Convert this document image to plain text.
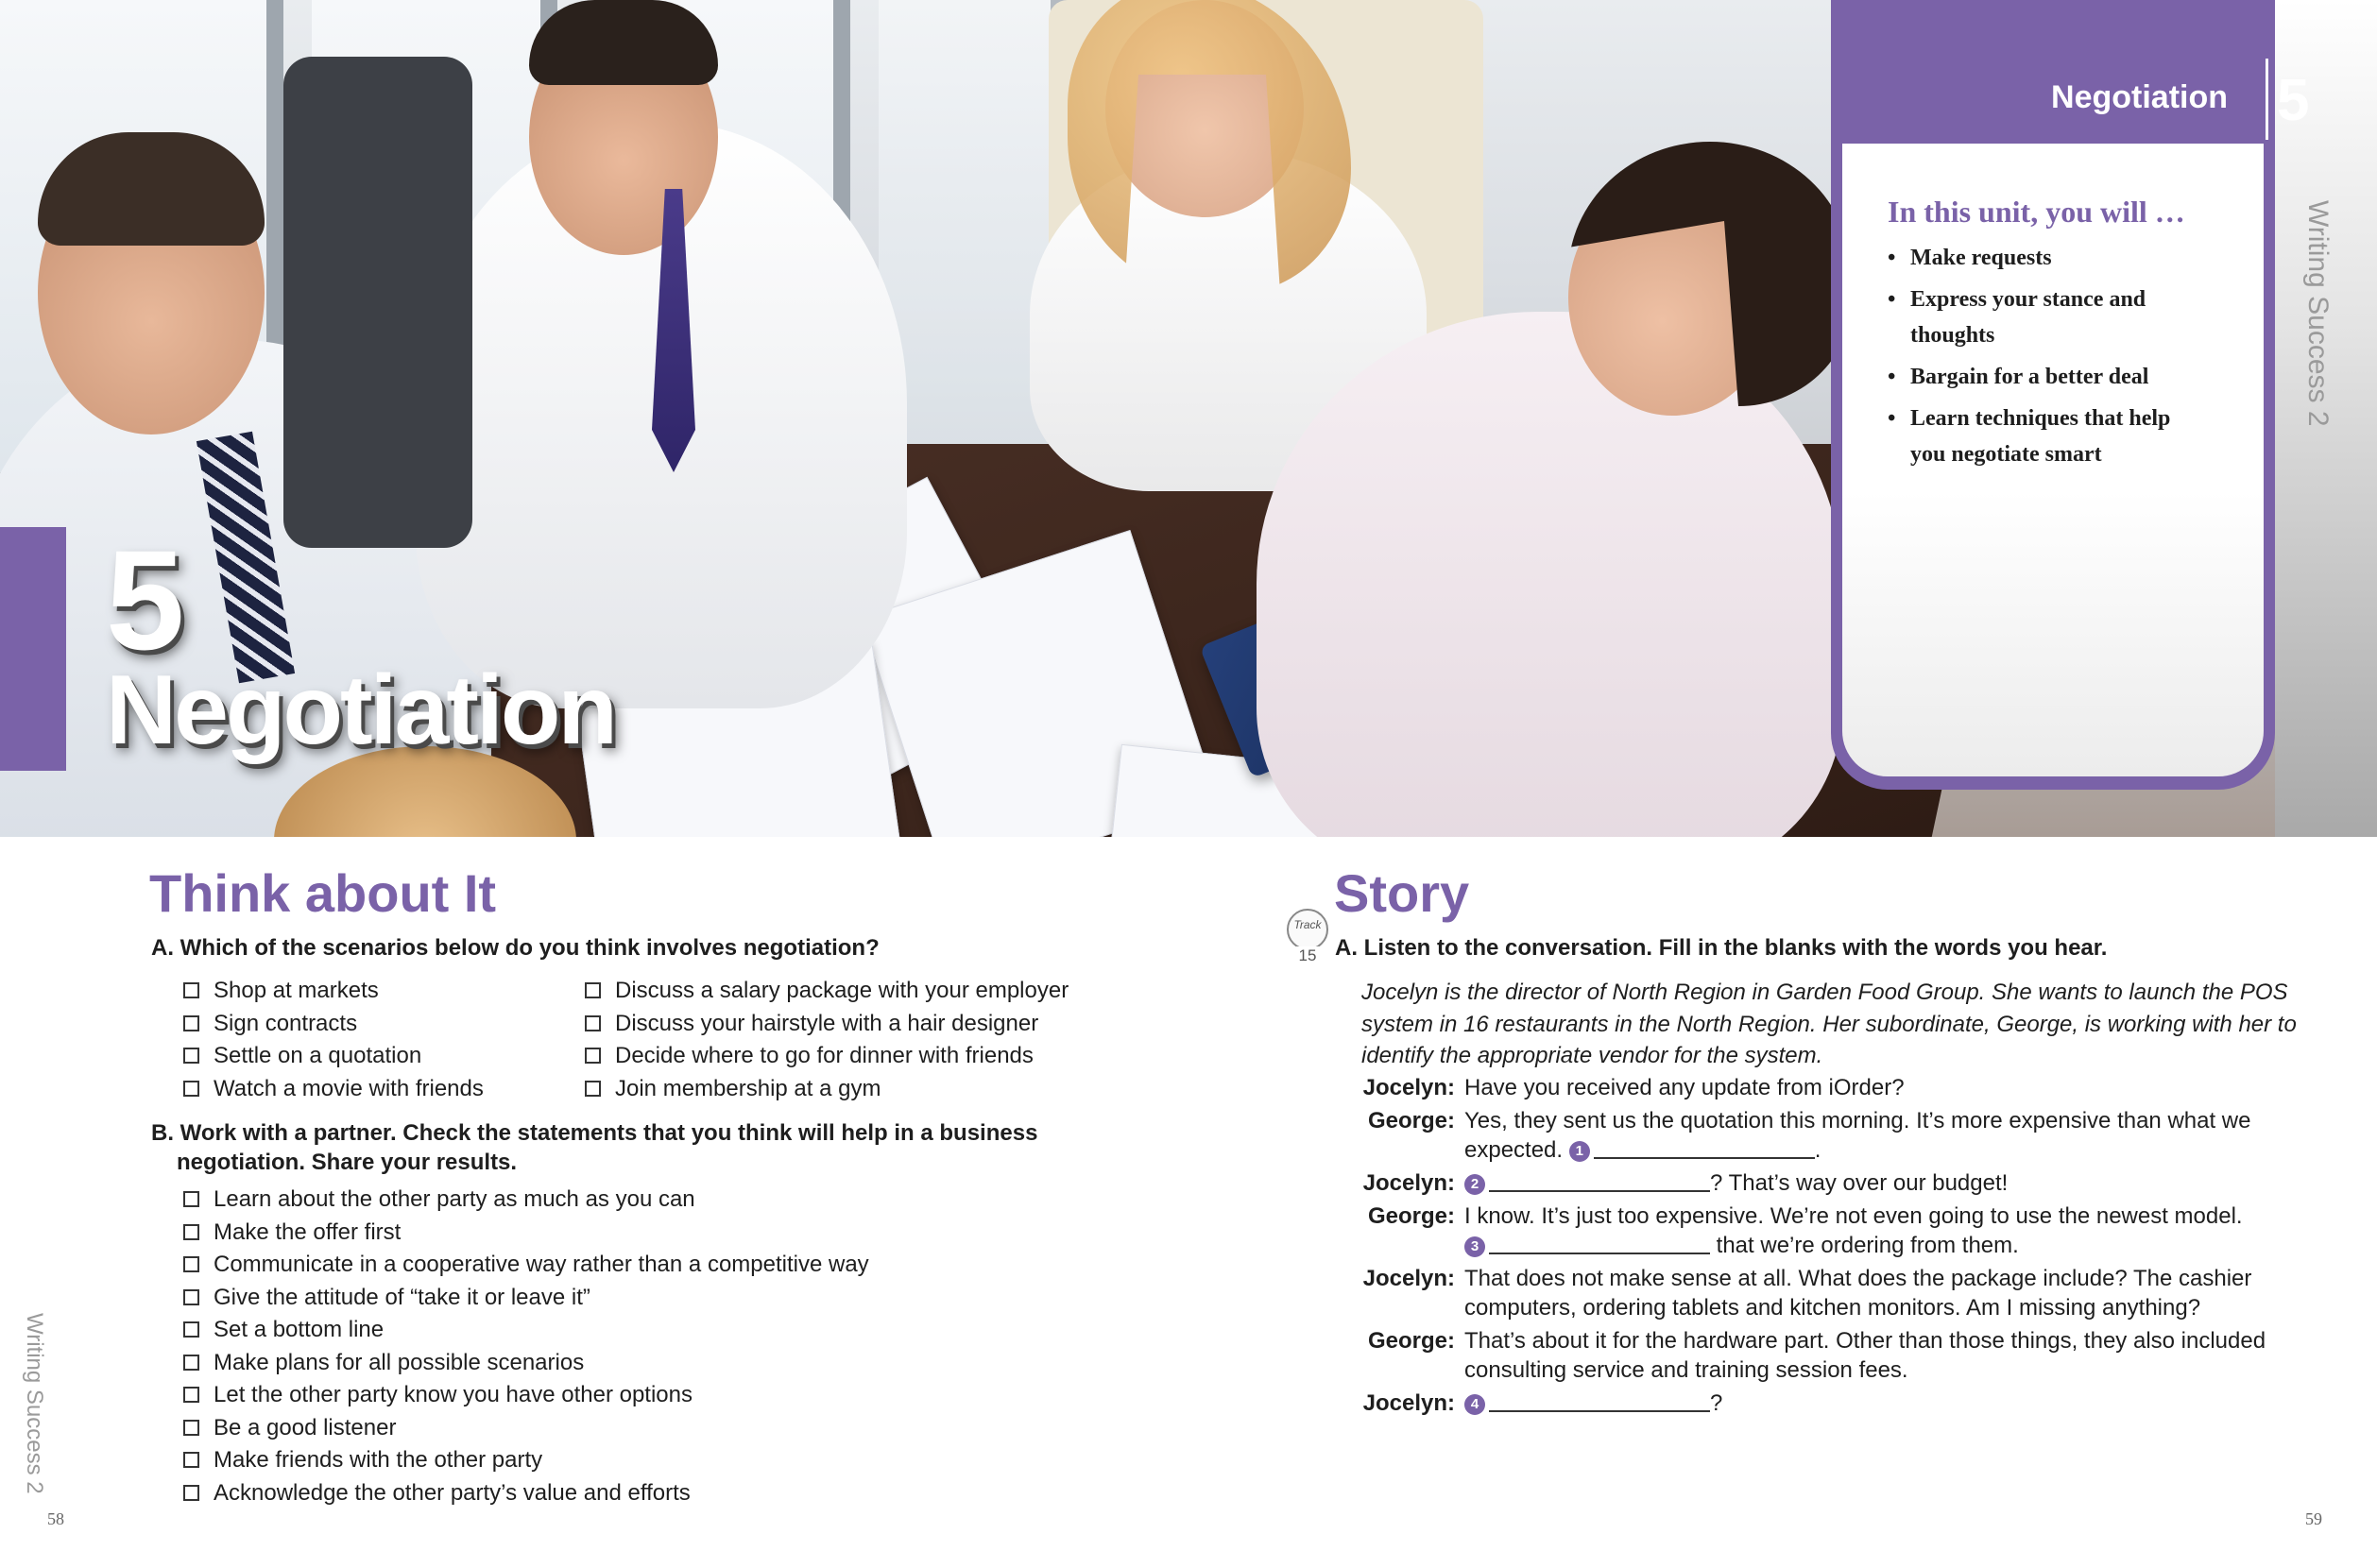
5
Negotiation
Writing Success 2
Negotiation 5
In this unit, you will …
• Make requests
• Express your stance and thoughts
• Bargain for a better deal
• Learn techniques that help you negotiate smart
Think about It
A. Which of the scenarios below do you think involves negotiation?
Shop at markets
Sign contracts
Settle on a quotation
Watch a movie with friends
Discuss a salary package with your employer
Discuss your hairstyle with a hair designer
Decide where to go for dinner with friends
Join membership at a gym
B. Work with a partner. Check the statements that you think will help in a business
negotiation. Share your results.
Learn about the other party as much as you can
Make the offer first
Communicate in a cooperative way rather than a competitive way
Give the attitude of “take it or leave it”
Set a bottom line
Make plans for all possible scenarios
Let the other party know you have other options
Be a good listener
Make friends with the other party
Acknowledge the other party’s value and efforts
Story
Track
15 A. Listen to the conversation. Fill in the blanks with the words you hear.
Jocelyn is the director of North Region in Garden Food Group. She wants to launch the POS system in 16 restaurants in the North Region. Her subordinate, George, is working with her to identify the appropriate vendor for the system.
Jocelyn: Have you received any update from iOrder?
George: Yes, they sent us the quotation this morning. It’s more expensive than what we expected. 1	.
Jocelyn:	2	? That’s way over our budget!
George: I know. It’s just too expensive. We’re not even going to use the newest model.
3	that we’re ordering from them.
Jocelyn: That does not make sense at all. What does the package include? The cashier computers, ordering tablets and kitchen monitors. Am I missing anything?
George: That’s about it for the hardware part. Other than those things, they also included consulting service and training session fees.
Jocelyn:	4	?
Writing Success 2
58	59
